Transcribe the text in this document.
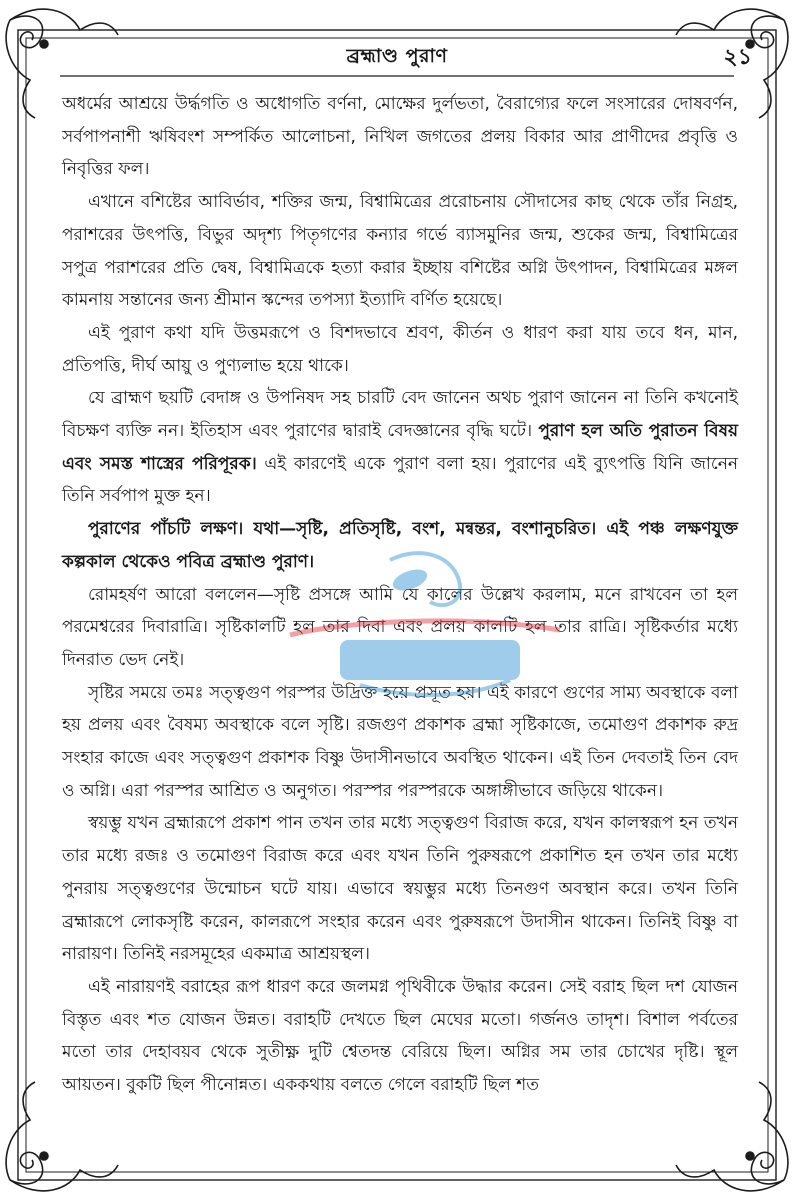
ব্রহ্মাণ্ড পুরাণ	২১

অধর্মের আশ্রয়ে উর্দ্ধগতি ও অধোগতি বর্ণনা, মোক্ষের দুর্লভতা, বৈরাগ্যের ফলে সংসারের দোষবর্ণন, সর্বপাপনাশী ঋষিবংশ সম্পর্কিত আলোচনা, নিখিল জগতের প্রলয় বিকার আর প্রাণীদের প্রবৃত্তি ও নিবৃত্তির ফল।

এখানে বশিষ্টের আবির্ভাব, শক্তির জন্ম, বিশ্বামিত্রের প্ররোচনায় সৌদাসের কাছ থেকে তাঁর নিগ্রহ, পরাশরের উৎপত্তি, বিভুর অদৃশ্য পিতৃগণের কন্যার গর্ভে ব্যাসমুনির জন্ম, শুকের জন্ম, বিশ্বামিত্রের সপুত্র পরাশরের প্রতি দ্বেষ, বিশ্বামিত্রকে হত্যা করার ইচ্ছায় বশিষ্টের অগ্নি উৎপাদন, বিশ্বামিত্রের মঙ্গল কামনায় সন্তানের জন্য শ্রীমান স্কন্দের তপস্যা ইত্যাদি বর্ণিত হয়েছে।

এই পুরাণ কথা যদি উত্তমরূপে ও বিশদভাবে শ্রবণ, কীর্তন ও ধারণ করা যায় তবে ধন, মান, প্রতিপত্তি, দীর্ঘ আয়ু ও পুণ্যলাভ হয়ে থাকে।

যে ব্রাহ্মণ ছয়টি বেদাঙ্গ ও উপনিষদ সহ চারটি বেদ জানেন অথচ পুরাণ জানেন না তিনি কখনোই বিচক্ষণ ব্যক্তি নন। ইতিহাস এবং পুরাণের দ্বারাই বেদজ্ঞানের বৃদ্ধি ঘটে। পুরাণ হল অতি পুরাতন বিষয় এবং সমস্ত শাস্ত্রের পরিপূরক। এই কারণেই একে পুরাণ বলা হয়। পুরাণের এই ব্যুৎপত্তি যিনি জানেন তিনি সর্বপাপ মুক্ত হন।

পুরাণের পাঁচটি লক্ষণ। যথা—সৃষ্টি, প্রতিসৃষ্টি, বংশ, মন্বন্তর, বংশানুচরিত। এই পঞ্চ লক্ষণযুক্ত কল্পকাল থেকেও পবিত্র ব্রহ্মাণ্ড পুরাণ।

রোমহর্ষণ আরো বললেন—সৃষ্টি প্রসঙ্গে আমি যে কালের উল্লেখ করলাম, মনে রাখবেন তা হল পরমেশ্বরের দিবারাত্রি। সৃষ্টিকালটি হল তার দিবা এবং প্রলয় কালটি হল তার রাত্রি। সৃষ্টিকর্তার মধ্যে দিনরাত ভেদ নেই।

সৃষ্টির সময়ে তমঃ সত্ত্বগুণ পরস্পর উদ্রিক্ত হয়ে প্রসূত হয়। এই কারণে গুণের সাম্য অবস্থাকে বলা হয় প্রলয় এবং বৈষম্য অবস্থাকে বলে সৃষ্টি। রজগুণ প্রকাশক ব্রহ্মা সৃষ্টিকাজে, তমোগুণ প্রকাশক রুদ্র সংহার কাজে এবং সত্ত্বগুণ প্রকাশক বিষ্ণু উদাসীনভাবে অবস্থিত থাকেন। এই তিন দেবতাই তিন বেদ ও অগ্নি। এরা পরস্পর আশ্রিত ও অনুগত। পরস্পর পরস্পরকে অঙ্গাঙ্গীভাবে জড়িয়ে থাকেন।

স্বয়ম্ভু যখন ব্রহ্মারূপে প্রকাশ পান তখন তার মধ্যে সত্ত্বগুণ বিরাজ করে, যখন কালস্বরূপ হন তখন তার মধ্যে রজঃ ও তমোগুণ বিরাজ করে এবং যখন তিনি পুরুষরূপে প্রকাশিত হন তখন তার মধ্যে পুনরায় সত্ত্বগুণের উন্মোচন ঘটে যায়। এভাবে স্বয়ম্ভুর মধ্যে তিনগুণ অবস্থান করে। তখন তিনি ব্রহ্মারূপে লোকসৃষ্টি করেন, কালরূপে সংহার করেন এবং পুরুষরূপে উদাসীন থাকেন। তিনিই বিষ্ণু বা নারায়ণ। তিনিই নরসমূহের একমাত্র আশ্রয়স্থল।

এই নারায়ণই বরাহের রূপ ধারণ করে জলমগ্ন পৃথিবীকে উদ্ধার করেন। সেই বরাহ ছিল দশ যোজন বিস্তৃত এবং শত যোজন উন্নত। বরাহটি দেখতে ছিল মেঘের মতো। গর্জনও তাদৃশ। বিশাল পর্বতের মতো তার দেহাবয়ব থেকে সুতীক্ষ্ণ দুটি শ্বেতদন্ত বেরিয়ে ছিল। অগ্নির সম তার চোখের দৃষ্টি। স্থূল আয়তন। বুকটি ছিল পীনোন্নত। এককথায় বলতে গেলে বরাহটি ছিল শত
